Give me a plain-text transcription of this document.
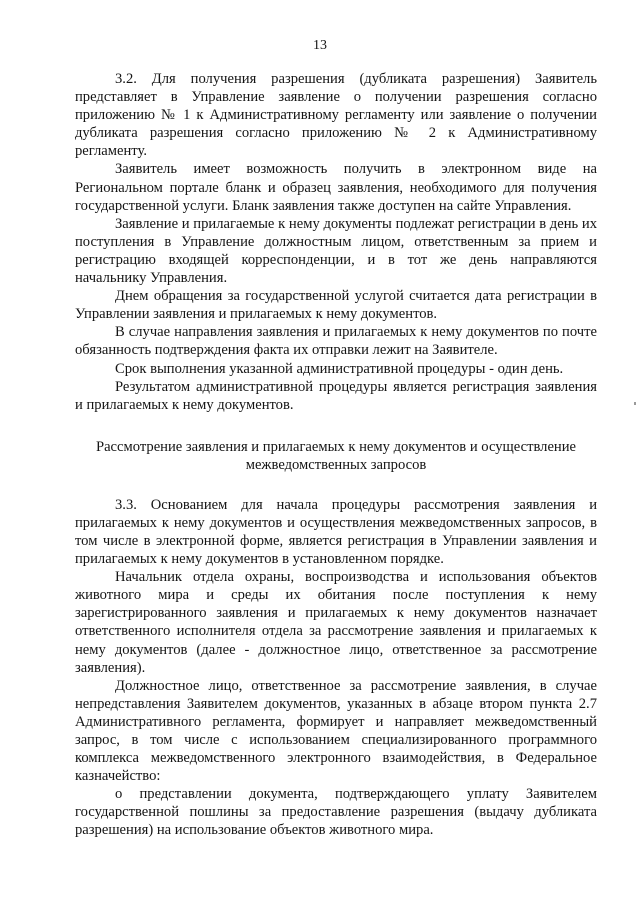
13

3.2. Для получения разрешения (дубликата разрешения) Заявитель представляет в Управление заявление о получении разрешения согласно приложению № 1 к Административному регламенту или заявление о получении дубликата разрешения согласно приложению № 2 к Административному регламенту.

Заявитель имеет возможность получить в электронном виде на Региональном портале бланк и образец заявления, необходимого для получения государственной услуги. Бланк заявления также доступен на сайте Управления.

Заявление и прилагаемые к нему документы подлежат регистрации в день их поступления в Управление должностным лицом, ответственным за прием и регистрацию входящей корреспонденции, и в тот же день направляются начальнику Управления.

Днем обращения за государственной услугой считается дата регистрации в Управлении заявления и прилагаемых к нему документов.

В случае направления заявления и прилагаемых к нему документов по почте обязанность подтверждения факта их отправки лежит на Заявителе.

Срок выполнения указанной административной процедуры - один день.

Результатом административной процедуры является регистрация заявления и прилагаемых к нему документов.

Рассмотрение заявления и прилагаемых к нему документов и осуществление
межведомственных запросов

3.3. Основанием для начала процедуры рассмотрения заявления и прилагаемых к нему документов и осуществления межведомственных запросов, в том числе в электронной форме, является регистрация в Управлении заявления и прилагаемых к нему документов в установленном порядке.

Начальник отдела охраны, воспроизводства и использования объектов животного мира и среды их обитания после поступления к нему зарегистрированного заявления и прилагаемых к нему документов назначает ответственного исполнителя отдела за рассмотрение заявления и прилагаемых к нему документов (далее - должностное лицо, ответственное за рассмотрение заявления).

Должностное лицо, ответственное за рассмотрение заявления, в случае непредставления Заявителем документов, указанных в абзаце втором пункта 2.7 Административного регламента, формирует и направляет межведомственный запрос, в том числе с использованием специализированного программного комплекса межведомственного электронного взаимодействия, в Федеральное казначейство:

о представлении документа, подтверждающего уплату Заявителем государственной пошлины за предоставление разрешения (выдачу дубликата разрешения) на использование объектов животного мира.
